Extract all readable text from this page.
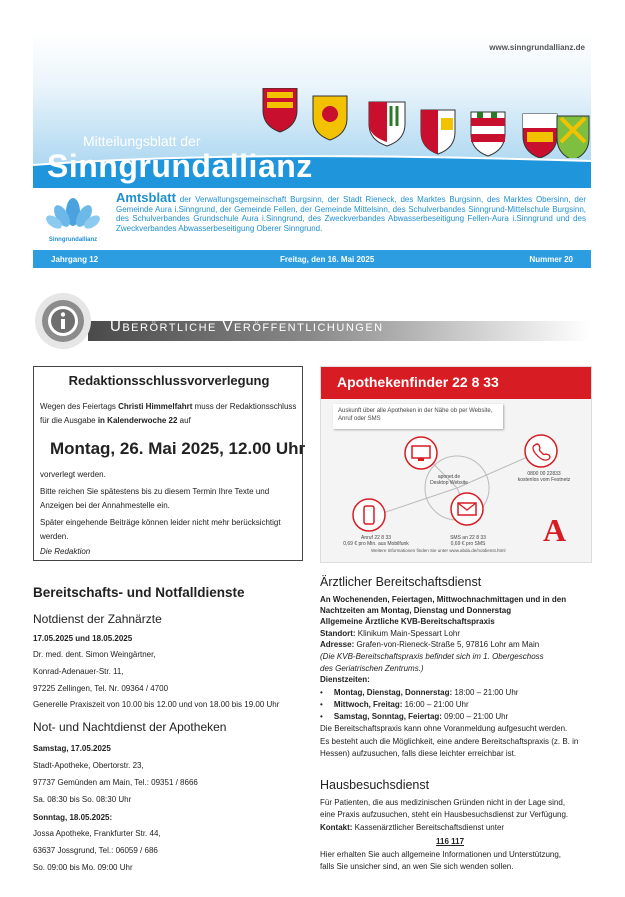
www.sinngrundallianz.de
Mitteilungsblatt der
Sinngrundallianz
Sinngrundallianz
Amtsblatt der Verwaltungsgemeinschaft Burgsinn, der Stadt Rieneck, des Marktes Burgsinn, des Marktes Obersinn, der Gemeinde Aura i.Sinngrund, der Gemeinde Fellen, der Gemeinde Mittelsinn, des Schulverbandes Sinngrund-Mittelschule Burgsinn, des Schulverbandes Grundschule Aura i.Sinngrund, des Zweckverbandes Abwasserbeseitigung Fellen-Aura i.Sinngrund und des Zweckverbandes Abwasserbeseitigung Oberer Sinngrund.
Jahrgang 12	Freitag, den 16. Mai 2025	Nummer 20
Überörtliche Veröffentlichungen
Redaktionsschlussvorverlegung
Wegen des Feiertags Christi Himmelfahrt muss der Redaktionsschluss für die Ausgabe in Kalenderwoche 22 auf
Montag, 26. Mai 2025, 12.00 Uhr
vorverlegt werden.
Bitte reichen Sie spätestens bis zu diesem Termin Ihre Texte und Anzeigen bei der Annahmestelle ein.
Später eingehende Beiträge können leider nicht mehr berücksichtigt werden.
Die Redaktion
Apothekenfinder 22 8 33
Auskunft über alle Apotheken in der Nähe ob per Website, Anruf oder SMS
A
aponet.de
Desktop Website
0800 00 22833
kostenlos vom Festnetz
Anruf 22 8 33
0,69 € pro Min. aus Mobilfunk
SMS an 22 8 33
0,69 € pro SMS
Weitere Informationen finden Sie unter www.abda.de/notdienst.html
Bereitschafts- und Notfalldienste
Notdienst der Zahnärzte
17.05.2025 und 18.05.2025
Dr. med. dent. Simon Weingärtner,
Konrad-Adenauer-Str. 11,
97225 Zellingen, Tel. Nr. 09364 / 4700
Generelle Praxiszeit von 10.00 bis 12.00 und von 18.00 bis 19.00 Uhr
Not- und Nachtdienst der Apotheken
Samstag, 17.05.2025
Stadt-Apotheke, Obertorstr. 23,
97737 Gemünden am Main, Tel.: 09351 / 8666
Sa. 08:30 bis So. 08:30 Uhr
Sonntag, 18.05.2025:
Jossa Apotheke, Frankfurter Str. 44,
63637 Jossgrund, Tel.: 06059 / 686
So. 09:00 bis Mo. 09:00 Uhr
Ärztlicher Bereitschaftsdienst
An Wochenenden, Feiertagen, Mittwochnachmittagen und in den
Nachtzeiten am Montag, Dienstag und Donnerstag
Allgemeine Ärztliche KVB-Bereitschaftspraxis
Standort: Klinikum Main-Spessart Lohr
Adresse: Grafen-von-Rieneck-Straße 5, 97816 Lohr am Main
(Die KVB-Bereitschaftspraxis befindet sich im 1. Obergeschoss
des Geriatrischen Zentrums.)
Dienstzeiten:
•     Montag, Dienstag, Donnerstag: 18:00 – 21:00 Uhr
•     Mittwoch, Freitag: 16:00 – 21:00 Uhr
•     Samstag, Sonntag, Feiertag: 09:00 – 21:00 Uhr
Die Bereitschaftspraxis kann ohne Voranmeldung aufgesucht werden.
Es besteht auch die Möglichkeit, eine andere Bereitschaftspraxis (z. B. in
Hessen) aufzusuchen, falls diese leichter erreichbar ist.
Hausbesuchsdienst
Für Patienten, die aus medizinischen Gründen nicht in der Lage sind,
eine Praxis aufzusuchen, steht ein Hausbesuchsdienst zur Verfügung.
Kontakt: Kassenärztlicher Bereitschaftsdienst unter
116 117
Hier erhalten Sie auch allgemeine Informationen und Unterstützung,
falls Sie unsicher sind, an wen Sie sich wenden sollen.
